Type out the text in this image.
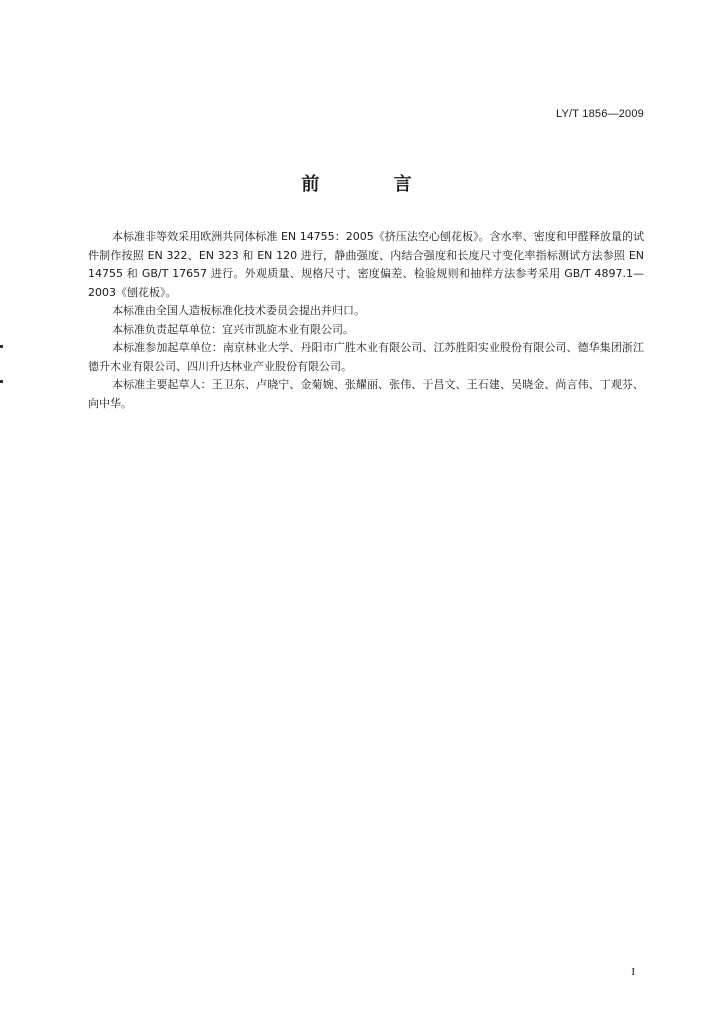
LY/T 1856—2009
前 言

本标准非等效采用欧洲共同体标准 EN 14755：2005《挤压法空心刨花板》。含水率、密度和甲醛释放量的试件制作按照 EN 322、EN 323 和 EN 120 进行，静曲强度、内结合强度和长度尺寸变化率指标测试方法参照 EN 14755 和 GB/T 17657 进行。外观质量、规格尺寸、密度偏差、检验规则和抽样方法参考采用 GB/T 4897.1—2003《刨花板》。

本标准由全国人造板标准化技术委员会提出并归口。

本标准负责起草单位：宜兴市凯旋木业有限公司。

本标准参加起草单位：南京林业大学、丹阳市广胜木业有限公司、江苏胜阳实业股份有限公司、德华集团浙江德升木业有限公司、四川升达林业产业股份有限公司。

本标准主要起草人：王卫东、卢晓宁、金菊婉、张耀丽、张伟、于昌文、王石建、吴晓金、尚言伟、丁观芬、向中华。

I
